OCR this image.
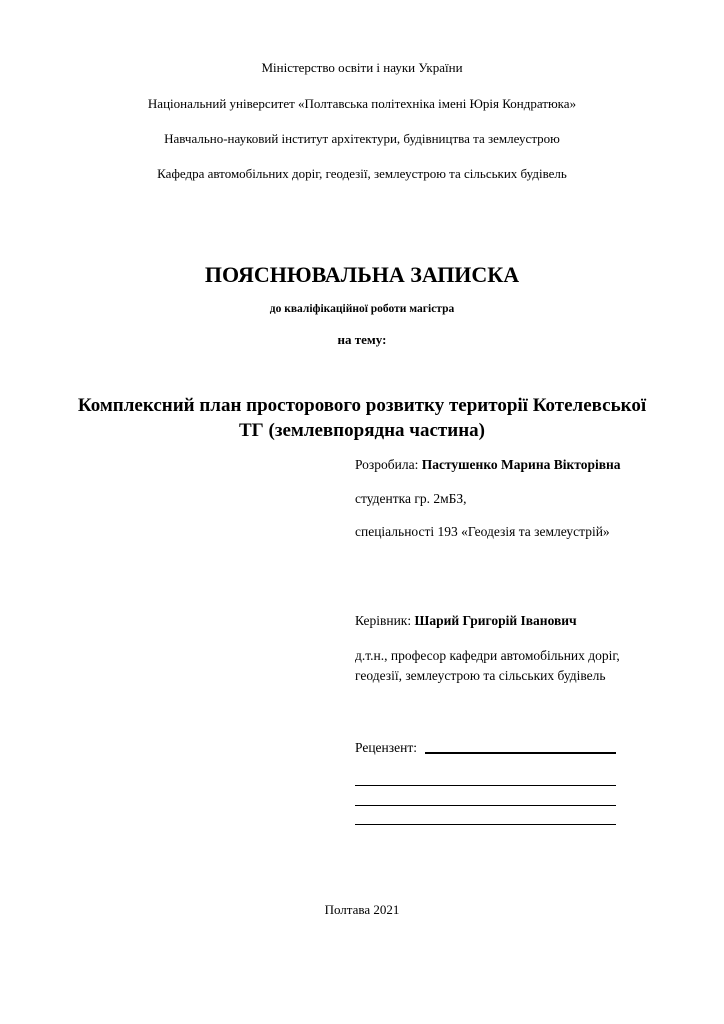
Міністерство освіти і науки України
Національний університет «Полтавська політехніка імені Юрія Кондратюка»
Навчально-науковий інститут архітектури, будівництва та землеустрою
Кафедра автомобільних доріг, геодезії, землеустрою та сільських будівель
ПОЯСНЮВАЛЬНА ЗАПИСКА
до кваліфікаційної роботи магістра
на тему:
Комплексний план просторового розвитку території Котелевської
ТГ (землевпорядна частина)
Розробила: Пастушенко Марина Вікторівна
студентка гр. 2мБЗ,
спеціальності 193 «Геодезія та землеустрій»
Керівник: Шарий Григорій Іванович
д.т.н., професор кафедри автомобільних доріг,
геодезії, землеустрою та сільських будівель
Рецензент:
Полтава 2021
